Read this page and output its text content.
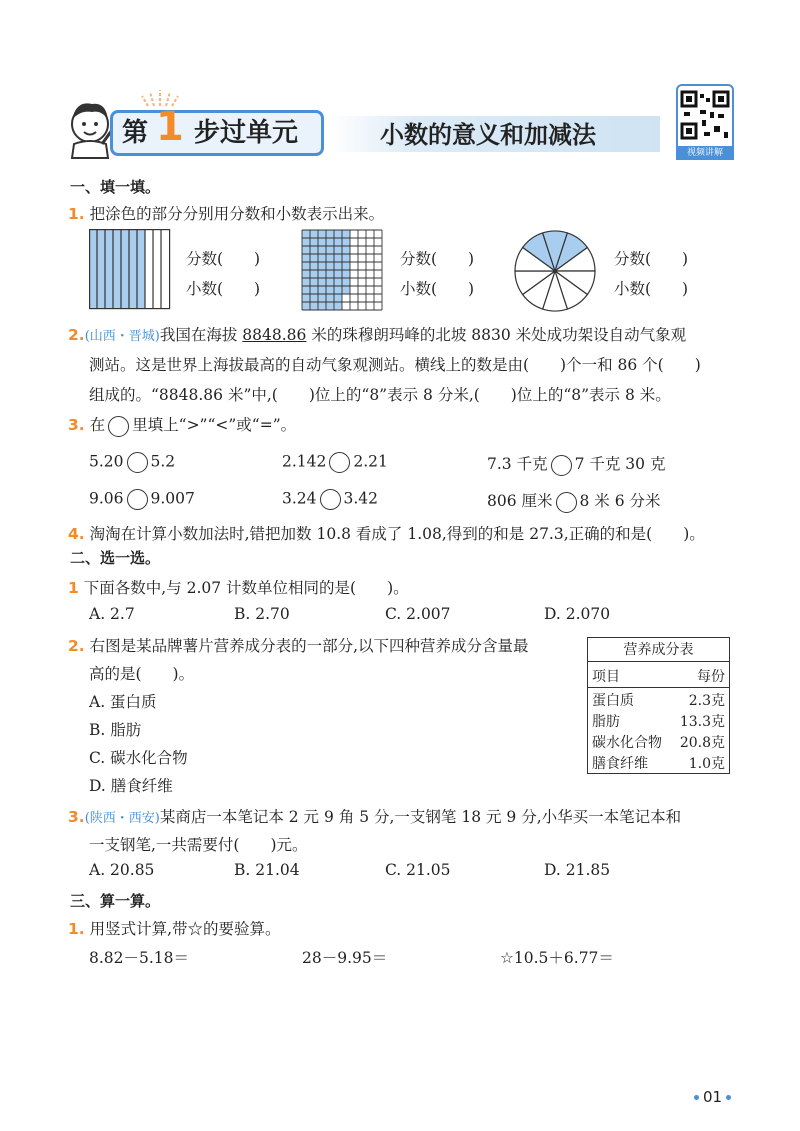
第 1 步过单元	小数的意义和加减法
视频讲解
一、填一填。
1. 把涂色的部分分别用分数和小数表示出来。
分数(　　)
小数(　　)
分数(　　)
小数(　　)
分数(　　)
小数(　　)
2.(山西・晋城)我国在海拔 8848.86 米的珠穆朗玛峰的北坡 8830 米处成功架设自动气象观
测站。这是世界上海拔最高的自动气象观测站。横线上的数是由(　　)个一和 86 个(　　)
组成的。“8848.86 米”中,(　　)位上的“8”表示 8 分米,(　　)位上的“8”表示 8 米。
3. 在 里填上“>”“<”或“=”。
5.20 5.2	2.142 2.21	7.3 千克 7 千克 30 克
9.06 9.007	3.24 3.42	806 厘米 8 米 6 分米
4. 淘淘在计算小数加法时,错把加数 10.8 看成了 1.08,得到的和是 27.3,正确的和是(　　)。
二、选一选。
1 下面各数中,与 2.07 计数单位相同的是(　　)。
A. 2.7	B. 2.70	C. 2.007	D. 2.070
2. 右图是某品牌薯片营养成分表的一部分,以下四种营养成分含量最
高的是(　　)。
A. 蛋白质
B. 脂肪
C. 碳水化合物
D. 膳食纤维
营养成分表
项目	每份
蛋白质	2.3克
脂肪	13.3克
碳水化合物 20.8克
膳食纤维	1.0克
3.(陕西・西安)某商店一本笔记本 2 元 9 角 5 分,一支钢笔 18 元 9 分,小华买一本笔记本和
一支钢笔,一共需要付(　　)元。
A. 20.85	B. 21.04	C. 21.05	D. 21.85
三、算一算。
1. 用竖式计算,带☆的要验算。
8.82－5.18＝	28－9.95＝	☆10.5＋6.77＝
01
